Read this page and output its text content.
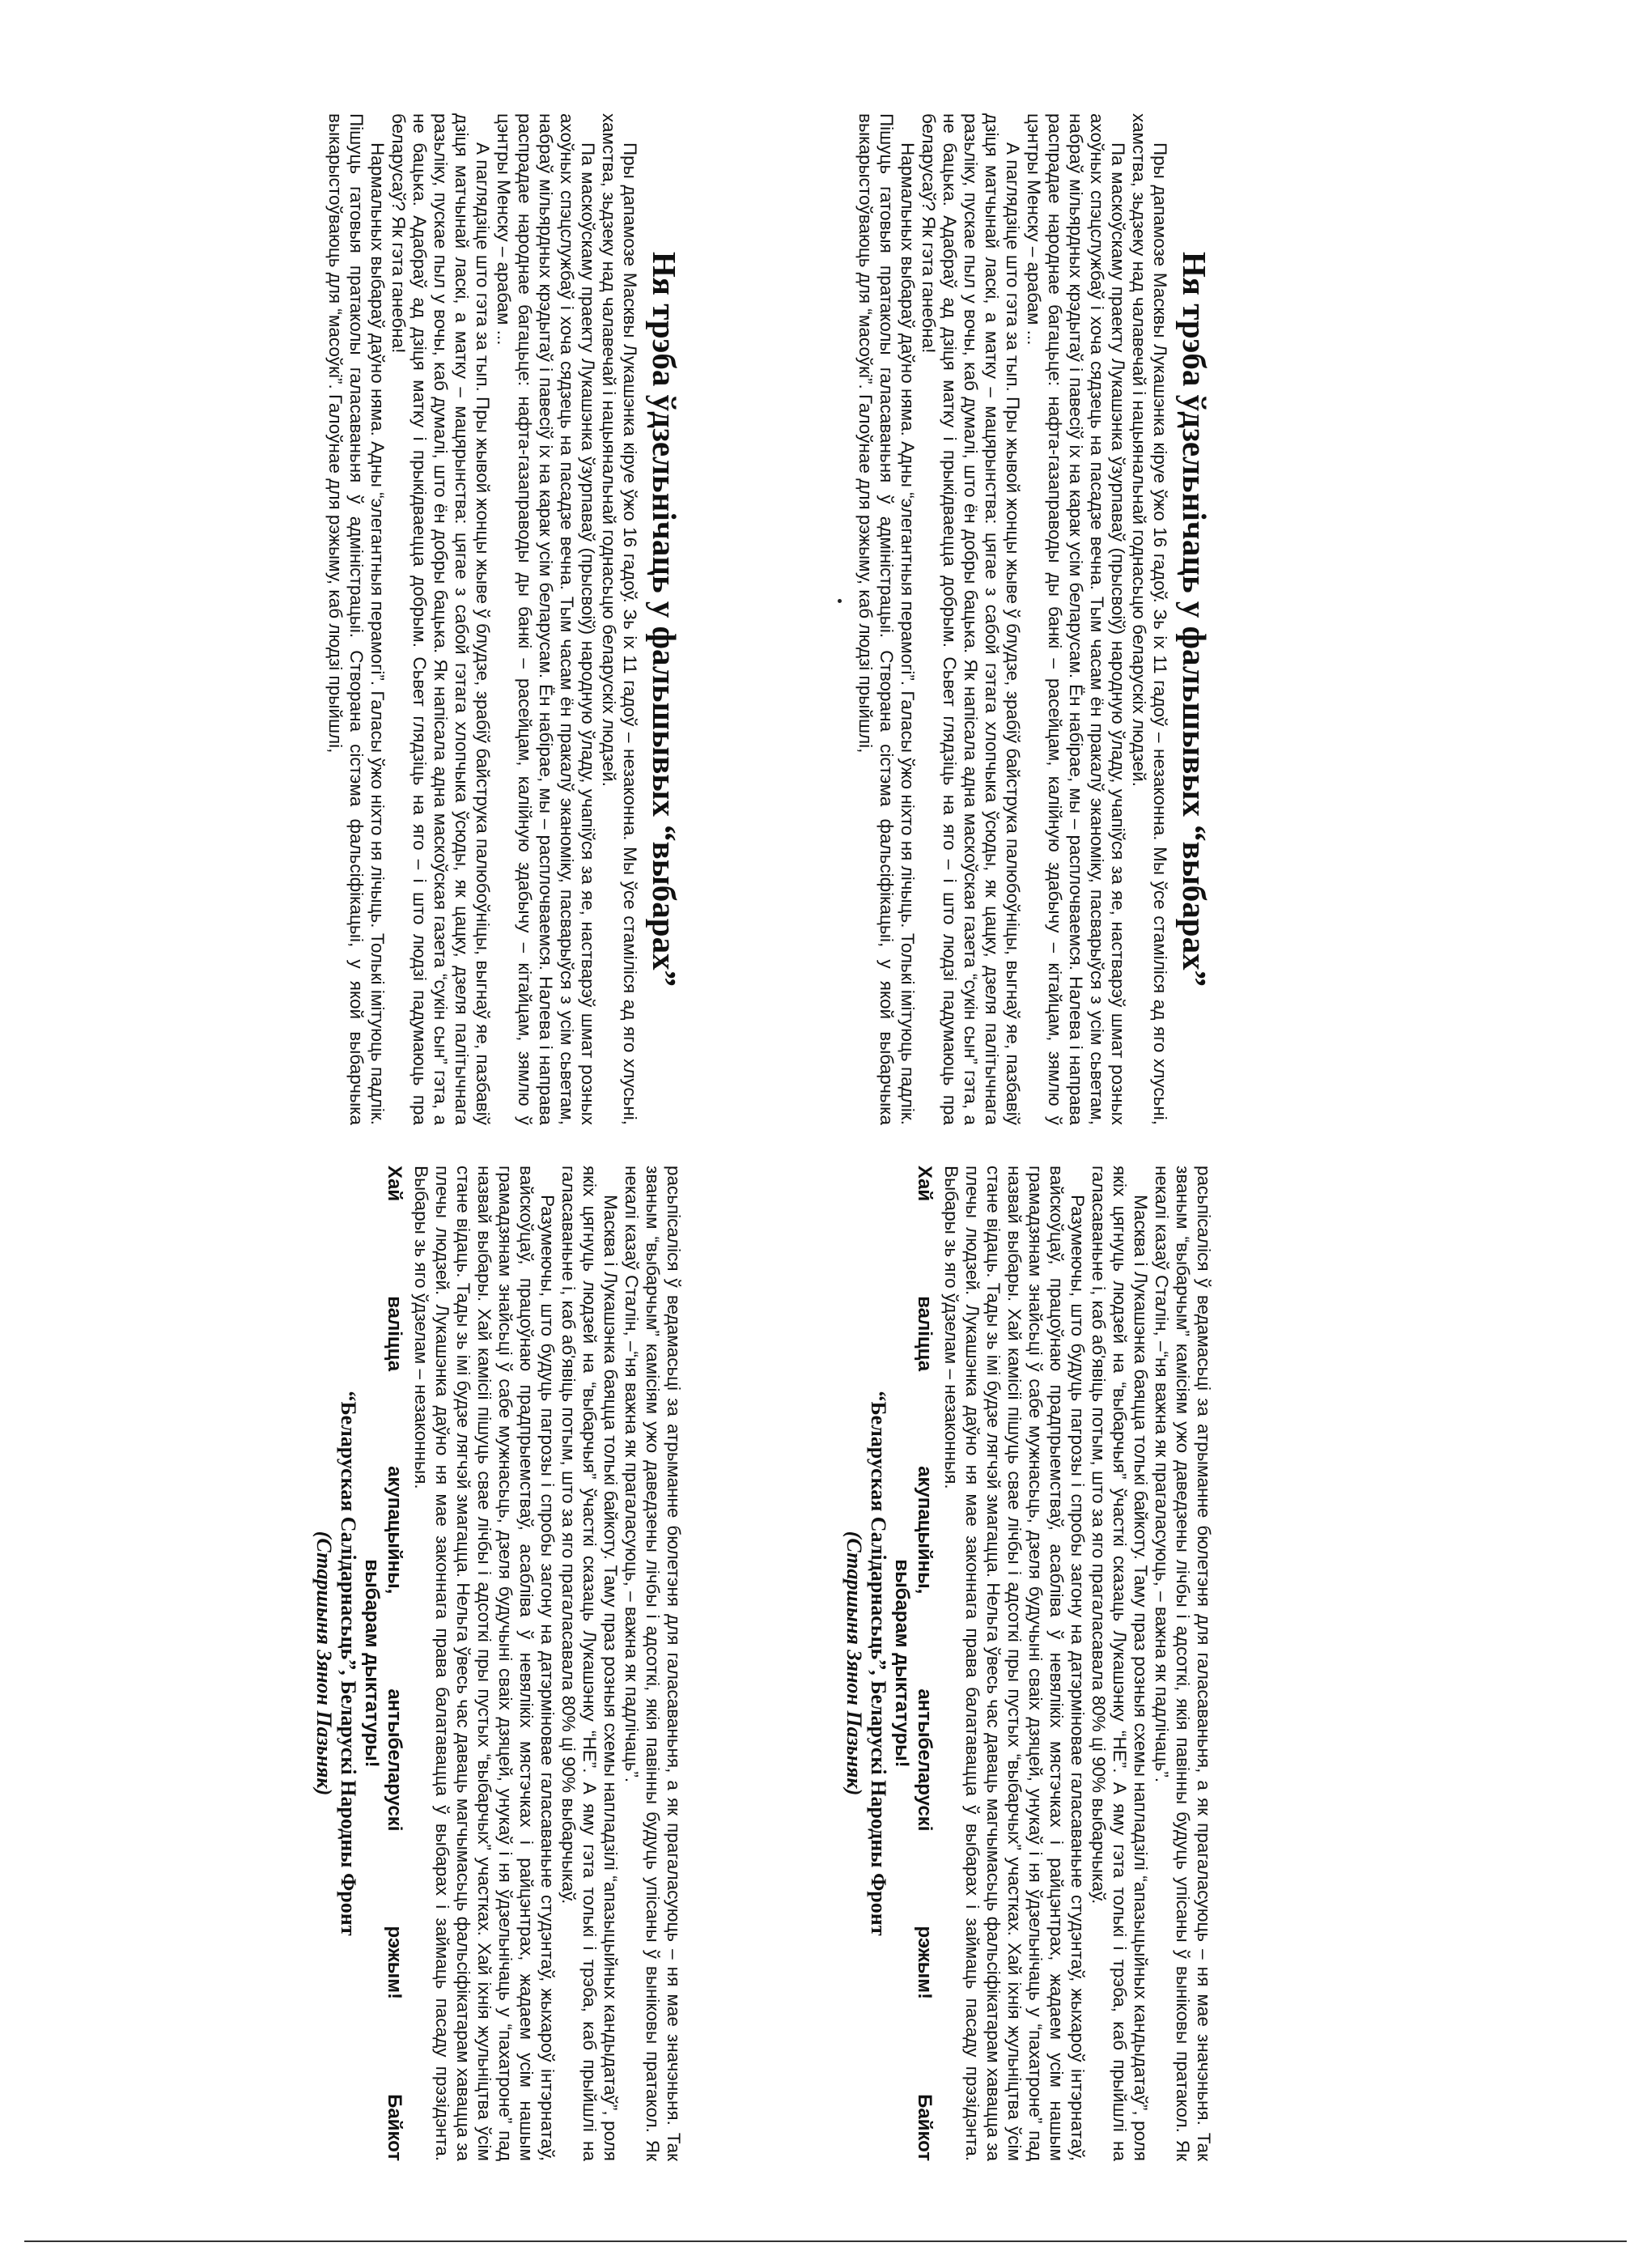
Ня трэба ўдзельнічаць у фальшывых “выбарах”

Пры дапамозе Масквы Лукашэнка кіруе ўжо 16 гадоў. Зь іх 11 гадоў – незаконна. Мы ўсе стаміліся ад яго хлусьні, хамства, зьдзеку над чалавечай і нацыянальнай годнасьцю беларускіх людзей.

Па маскоўскаму праекту Лукашэнка ўзурпаваў (прысвоіў) народную ўладу, учапіўся за яе, настварэў шмат розных ахоўных спэцслужбаў і хоча сядзець на пасадзе вечна. Тым часам ён пракалў эканоміку, пасварыўся з усім сьветам, набраў мільярдных крэдытаў і павесіў іх на карак усім беларусам. Ён набірае, мы – расплочваемся. Налева і направа распрадае народнае багацьце: нафта-газаправоды ды банкі – расейцам, калійную здабычу – кітайцам, зямлю ў цэнтры Менску – арабам ...

А паглядзіце што гэта за тып. Пры жывой жонцы жыве ў блудзе, зрабіў байструка палюбоўніцы, выгнаў яе, пазбавіў дзіця матчынай ласкі, а матку – мацярынства: цягае з сабой гэтага хлопчыка ўсюды, як цацку, дзеля палітычнага разьліку, пускае пыл у вочы, каб думалі, што ён добры бацька. Як напісала адна маскоўская газета “сукін сын” гэта, а не бацька. Адабраў ад дзіця матку і прыкідваецца добрым. Сьвет глядзіць на яго – і што людзі падумаюць пра беларусаў? Як гэта ганебна!

Нармальных выбараў даўно няма. Адны “элегантныя перамогі”. Галасы ўжо ніхто ня лічыць. Толькі імітуюць падлік. Пішуць гатовыя пратаколы галасаваньня ў адміністрацыі. Створана сістэма фальсіфікацыі, у якой выбарчыка выкарыстоўваюць для “масоўкі”. Галоўнае для рэжыму, каб людзі прыйшлі,

расьпісаліся ў ведамасьці за атрыманне бюлетэня для галасаваньня, а як прагаласуюць – ня мае значэньня. Так званым “выбарчым” камісіям ужо даведзены лічбы і адсоткі, якія павінны будуць упісаны ў выніковы пратакол. Як некалі казаў Сталін, –“ня важна як прагаласуюць, – важна як падлічаць”.

Масква і Лукашэнка баяцца толькі байкоту. Таму праз розныя схемы напладзілі “апазыцыйных кандыдатаў”, роля якіх цягнуць людзей на “выбарчыя” ўчасткі сказаць Лукашэнку “НЕ”. А яму гэта толькі і трэба, каб прыйшлі на галасаваньне і, каб аб'явіць потым, што за яго прагаласавала 80% ці 90% выбарчыкаў.

Разумеючы, што будуць пагрозы і спробы загону на датэрміновае галасаваньне студэнтаў, жыхароў інтэрнатаў, вайскоўцаў, працоўнаю прадпрыемстваў, асабліва ў невялікіх мястэчках і райцэнтрах, жадаем усім нашым грамадзянам знайсьці ў сабе мужнасьць, дзеля будучыні сваіх дзяцей, унукаў і ня ўдзельнічаць у “пахатроне” пад назвай выбары. Хай камісіі пішуць свае лічбы і адсоткі пры пустых “выбарчых” участках. Хай іхнія жульніцтва ўсім стане відаць. Тады зь імі будзе лягчэй змагацца. Нельга ўвесь час даваць магчымасьць фальсіфікатарам хавацца за плечы людзей. Лукашэнка даўно ня мае законнага права балатавацца ў выбарах і займаць пасаду прэзідэнта. Выбары зь яго ўдзелам – незаконныя.

Хай валіцца акупацыйны, антыбеларускі рэжым! Байкот
выбарам дыктатуры!
“Беларуская Салідарнасьць”, Беларускі Народны Фронт
(Старшыня Зянон Пазьняк)
Ня трэба ўдзельнічаць у фальшывых “выбарах”

Пры дапамозе Масквы Лукашэнка кіруе ўжо 16 гадоў. Зь іх 11 гадоў – незаконна. Мы ўсе стаміліся ад яго хлусьні, хамства, зьдзеку над чалавечай і нацыянальнай годнасьцю беларускіх людзей.

Па маскоўскаму праекту Лукашэнка ўзурпаваў (прысвоіў) народную ўладу, учапіўся за яе, настварэў шмат розных ахоўных спэцслужбаў і хоча сядзець на пасадзе вечна. Тым часам ён пракалў эканоміку, пасварыўся з усім сьветам, набраў мільярдных крэдытаў і павесіў іх на карак усім беларусам. Ён набірае, мы – расплочваемся. Налева і направа распрадае народнае багацьце: нафта-газаправоды ды банкі – расейцам, калійную здабычу – кітайцам, зямлю ў цэнтры Менску – арабам ...

А паглядзіце што гэта за тып. Пры жывой жонцы жыве ў блудзе, зрабіў байструка палюбоўніцы, выгнаў яе, пазбавіў дзіця матчынай ласкі, а матку – мацярынства: цягае з сабой гэтага хлопчыка ўсюды, як цацку, дзеля палітычнага разьліку, пускае пыл у вочы, каб думалі, што ён добры бацька. Як напісала адна маскоўская газета “сукін сын” гэта, а не бацька. Адабраў ад дзіця матку і прыкідваецца добрым. Сьвет глядзіць на яго – і што людзі падумаюць пра беларусаў? Як гэта ганебна!

Нармальных выбараў даўно няма. Адны “элегантныя перамогі”. Галасы ўжо ніхто ня лічыць. Толькі імітуюць падлік. Пішуць гатовыя пратаколы галасаваньня ў адміністрацыі. Створана сістэма фальсіфікацыі, у якой выбарчыка выкарыстоўваюць для “масоўкі”. Галоўнае для рэжыму, каб людзі прыйшлі,

расьпісаліся ў ведамасьці за атрыманне бюлетэня для галасаваньня, а як прагаласуюць – ня мае значэньня. Так званым “выбарчым” камісіям ужо даведзены лічбы і адсоткі, якія павінны будуць упісаны ў выніковы пратакол. Як некалі казаў Сталін, –“ня важна як прагаласуюць, – важна як падлічаць”.

Масква і Лукашэнка баяцца толькі байкоту. Таму праз розныя схемы напладзілі “апазыцыйных кандыдатаў”, роля якіх цягнуць людзей на “выбарчыя” ўчасткі сказаць Лукашэнку “НЕ”. А яму гэта толькі і трэба, каб прыйшлі на галасаваньне і, каб аб'явіць потым, што за яго прагаласавала 80% ці 90% выбарчыкаў.

Разумеючы, што будуць пагрозы і спробы загону на датэрміновае галасаваньне студэнтаў, жыхароў інтэрнатаў, вайскоўцаў, працоўнаю прадпрыемстваў, асабліва ў невялікіх мястэчках і райцэнтрах, жадаем усім нашым грамадзянам знайсьці ў сабе мужнасьць, дзеля будучыні сваіх дзяцей, унукаў і ня ўдзельнічаць у “пахатроне” пад назвай выбары. Хай камісіі пішуць свае лічбы і адсоткі пры пустых “выбарчых” участках. Хай іхнія жульніцтва ўсім стане відаць. Тады зь імі будзе лягчэй змагацца. Нельга ўвесь час даваць магчымасьць фальсіфікатарам хавацца за плечы людзей. Лукашэнка даўно ня мае законнага права балатавацца ў выбарах і займаць пасаду прэзідэнта. Выбары зь яго ўдзелам – незаконныя.

Хай валіцца акупацыйны, антыбеларускі рэжым! Байкот
выбарам дыктатуры!
“Беларуская Салідарнасьць”, Беларускі Народны Фронт
(Старшыня Зянон Пазьняк)
